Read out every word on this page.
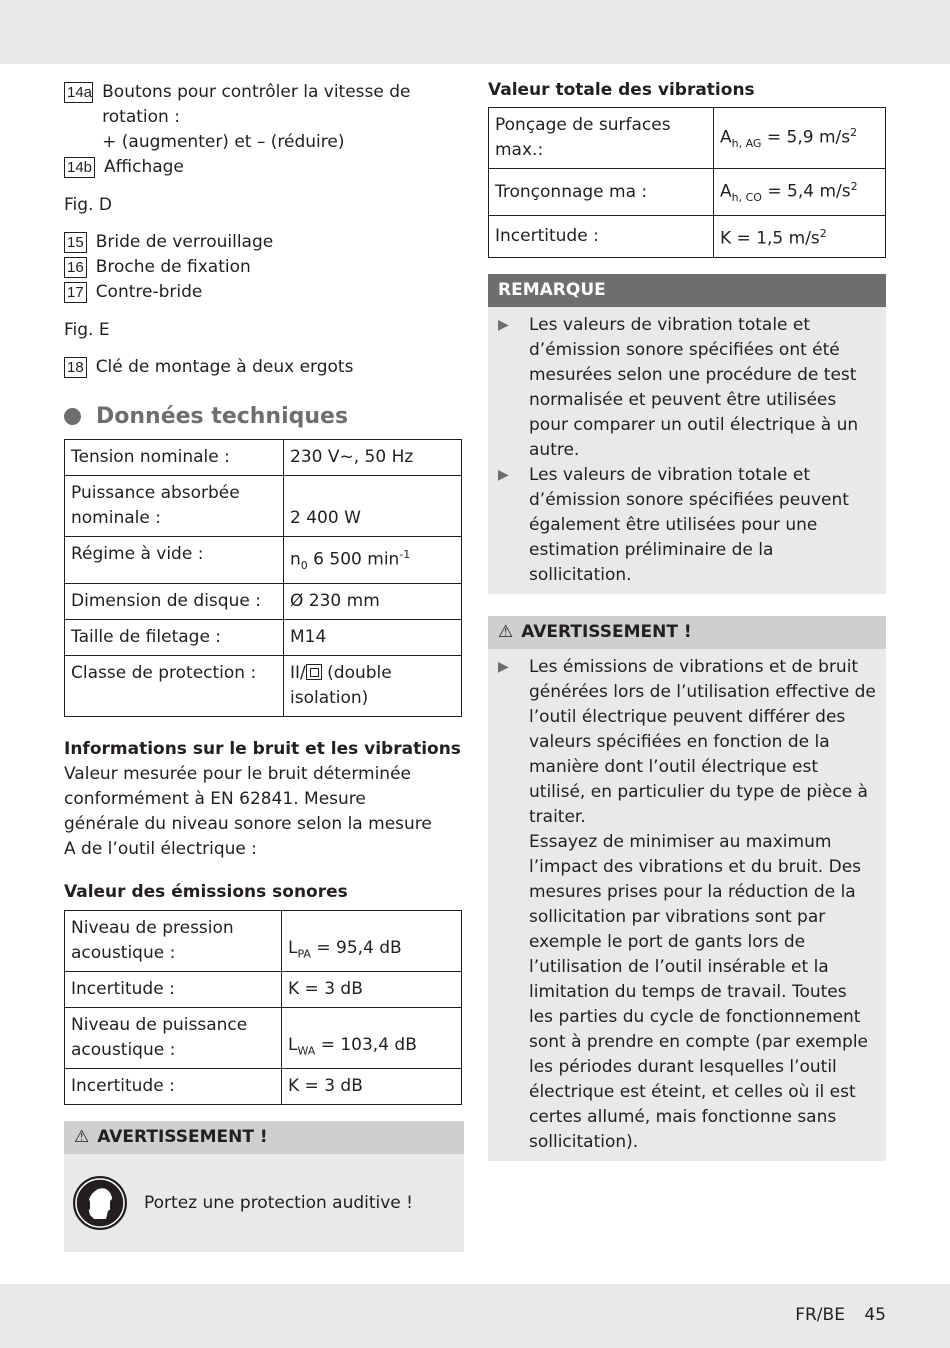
14a Boutons pour contrôler la vitesse de rotation :
+ (augmenter) et – (réduire)
14b Affichage
Fig. D
15 Bride de verrouillage
16 Broche de fixation
17 Contre-bride
Fig. E
18 Clé de montage à deux ergots
Données techniques
Tension nominale :	230 V~, 50 Hz
Puissance absorbée nominale :	2 400 W
Régime à vide :	$n_0$ 6 500 $\min^{-1}$
Dimension de disque :	Ø 230 mm
Taille de filetage :	M14
Classe de protection :	II/
(double isolation)
Informations sur le bruit et les vibrations
Valeur mesurée pour le bruit déterminée conformément à EN 62841. Mesure générale du niveau sonore selon la mesure A de l’outil électrique :
Valeur des émissions sonores
Niveau de pression acoustique :	$L_{PA} = 95,4$ dB
Incertitude :	K = 3 dB
Niveau de puissance acoustique :	$L_{WA} = 103,4$ dB
Incertitude :	K = 3 dB
⚠ AVERTISSEMENT !
Portez une protection auditive !
Valeur totale des vibrations
Ponçage de surfaces max.:	$A_{h, AG} = 5,9$ $m/s^2$
Tronçonnage ma :	$A_{h, CO} = 5,4$ $m/s^2$
Incertitude :	K = 1,5 $m/s^2$
REMARQUE
▶	Les valeurs de vibration totale et d’émission sonore spécifiées ont été mesurées selon une procédure de test normalisée et peuvent être utilisées pour comparer un outil électrique à un autre.
▶	Les valeurs de vibration totale et d’émission sonore spécifiées peuvent également être utilisées pour une estimation préliminaire de la sollicitation.
⚠ AVERTISSEMENT !
▶	Les émissions de vibrations et de bruit générées lors de l’utilisation effective de l’outil électrique peuvent différer des valeurs spécifiées en fonction de la manière dont l’outil électrique est utilisé, en particulier du type de pièce à traiter.
Essayez de minimiser au maximum l’impact des vibrations et du bruit. Des mesures prises pour la réduction de la sollicitation par vibrations sont par exemple le port de gants lors de l’utilisation de l’outil insérable et la limitation du temps de travail. Toutes les parties du cycle de fonctionnement sont à prendre en compte (par exemple les périodes durant lesquelles l’outil électrique est éteint, et celles où il est certes allumé, mais fonctionne sans sollicitation).
FR/BE 45
